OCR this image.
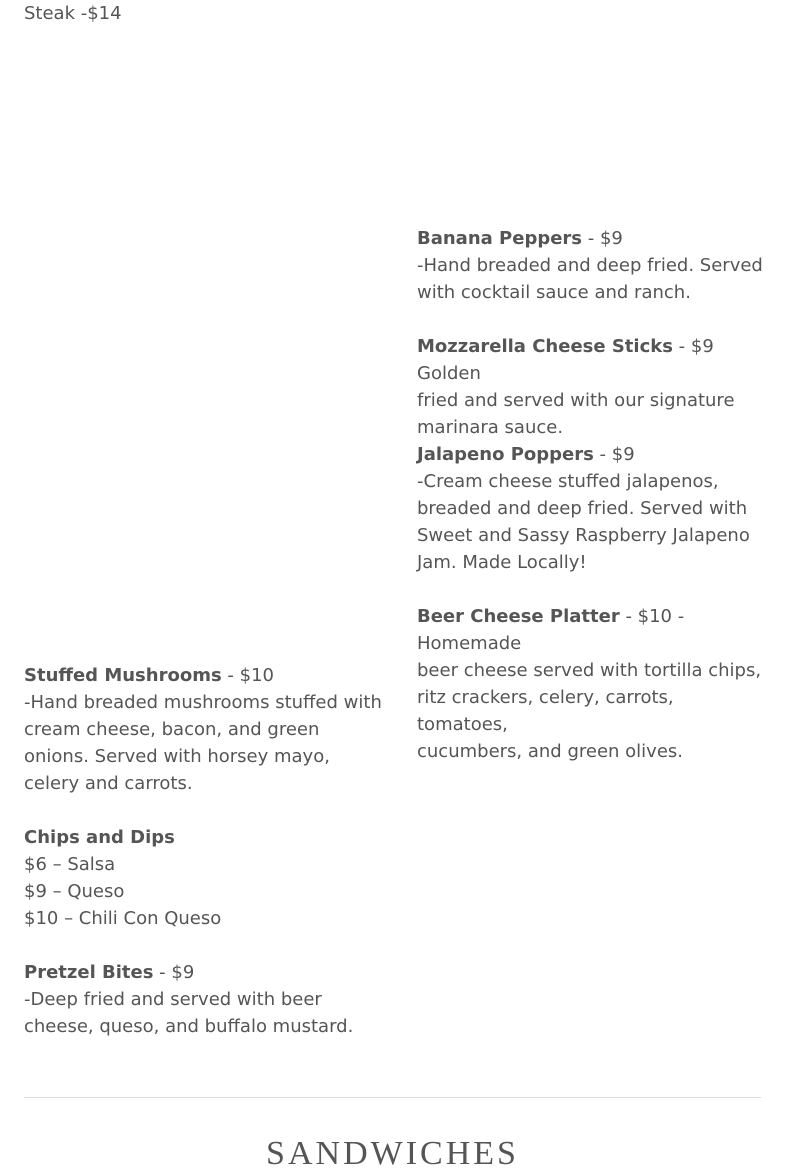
Steak -$14
Banana Peppers - $9
-Hand breaded and deep fried. Served
with cocktail sauce and ranch.
Mozzarella Cheese Sticks - $9 Golden
fried and served with our signature
marinara sauce.
Jalapeno Poppers - $9
-Cream cheese stuffed jalapenos,
breaded and deep fried. Served with
Sweet and Sassy Raspberry Jalapeno
Jam. Made Locally!
Beer Cheese Platter - $10 -Homemade
beer cheese served with tortilla chips,
ritz crackers, celery, carrots, tomatoes,
cucumbers, and green olives.
Stuffed Mushrooms - $10
-Hand breaded mushrooms stuffed with
cream cheese, bacon, and green
onions. Served with horsey mayo,
celery and carrots.
Chips and Dips
$6 – Salsa
$9 – Queso
$10 – Chili Con Queso
Pretzel Bites - $9
-Deep fried and served with beer
cheese, queso, and buffalo mustard.
SANDWICHES
